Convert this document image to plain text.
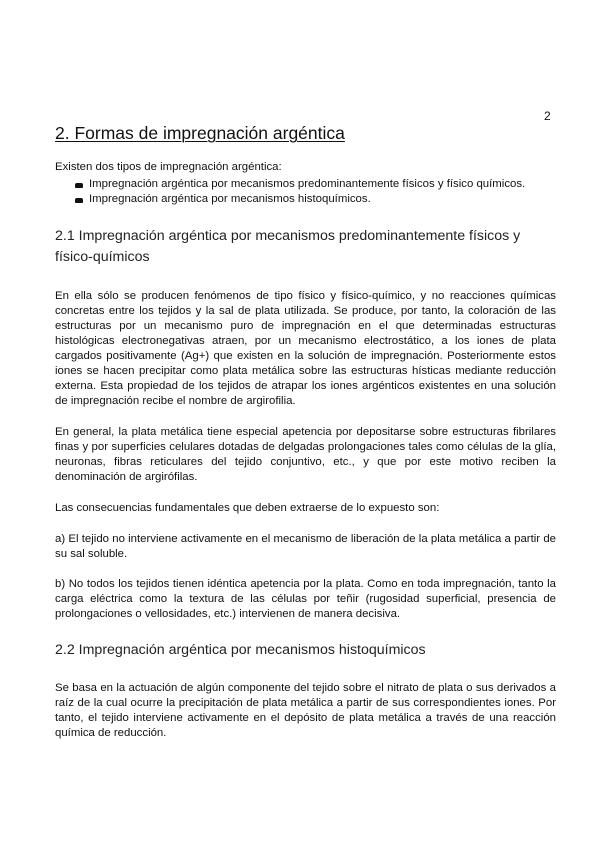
2
2. Formas de impregnación argéntica

Existen dos tipos de impregnación argéntica:

Impregnación argéntica por mecanismos predominantemente físicos y físico químicos.
Impregnación argéntica por mecanismos histoquímicos.
2.1 Impregnación argéntica por mecanismos predominantemente físicos y físico-químicos

En ella sólo se producen fenómenos de tipo físico y físico-químico, y no reacciones químicas concretas entre los tejidos y la sal de plata utilizada. Se produce, por tanto, la coloración de las estructuras por un mecanismo puro de impregnación en el que determinadas estructuras histológicas electronegativas atraen, por un mecanismo electrostático, a los iones de plata cargados positivamente (Ag+) que existen en la solución de impregnación. Posteriormente estos iones se hacen precipitar como plata metálica sobre las estructuras hísticas mediante reducción externa. Esta propiedad de los tejidos de atrapar los iones argénticos existentes en una solución de impregnación recibe el nombre de argirofilia.

En general, la plata metálica tiene especial apetencia por depositarse sobre estructuras fibrilares finas y por superficies celulares dotadas de delgadas prolongaciones tales como células de la glía, neuronas, fibras reticulares del tejido conjuntivo, etc., y que por este motivo reciben la denominación de argirófilas.

Las consecuencias fundamentales que deben extraerse de lo expuesto son:

a) El tejido no interviene activamente en el mecanismo de liberación de la plata metálica a partir de su sal soluble.

b) No todos los tejidos tienen idéntica apetencia por la plata. Como en toda impregnación, tanto la carga eléctrica como la textura de las células por teñir (rugosidad superficial, presencia de prolongaciones o vellosidades, etc.) intervienen de manera decisiva.

2.2 Impregnación argéntica por mecanismos histoquímicos

Se basa en la actuación de algún componente del tejido sobre el nitrato de plata o sus derivados a raíz de la cual ocurre la precipitación de plata metálica a partir de sus correspondientes iones. Por tanto, el tejido interviene activamente en el depósito de plata metálica a través de una reacción química de reducción.
